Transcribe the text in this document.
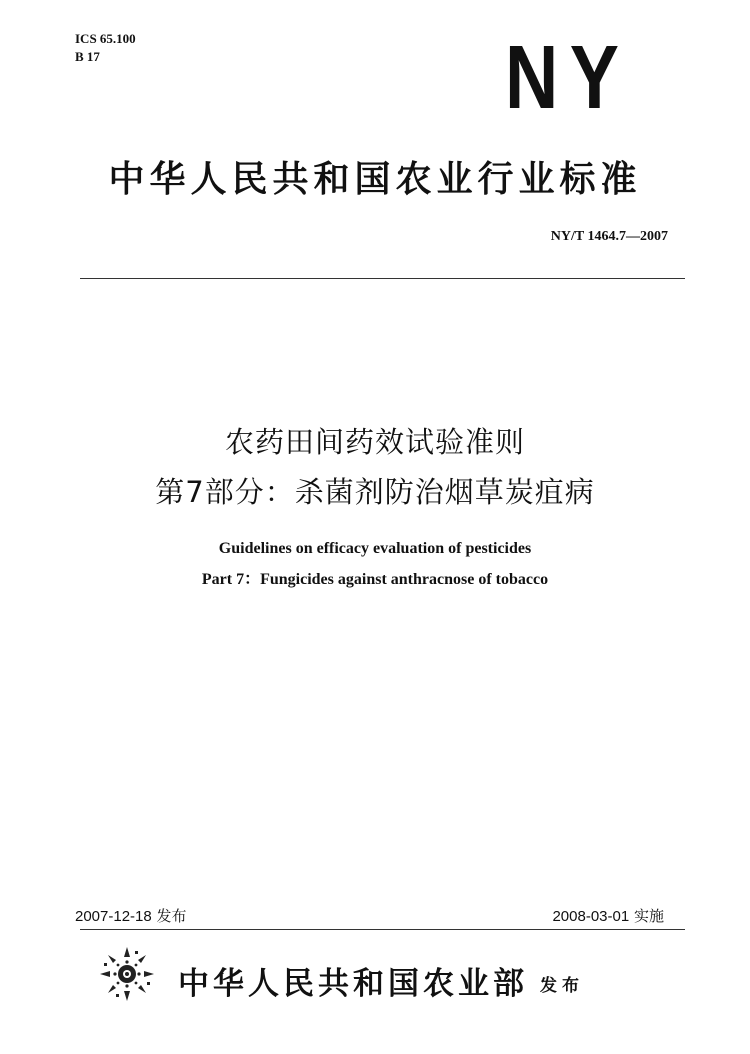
ICS 65.100
B 17	NY
中华人民共和国农业行业标准
NY/T 1464.7—2007
农药田间药效试验准则
第7部分：杀菌剂防治烟草炭疽病
Guidelines on efficacy evaluation of pesticides
Part 7：Fungicides against anthracnose of tobacco
2007-12-18 发布	2008-03-01 实施
中华人民共和国农业部 发布
